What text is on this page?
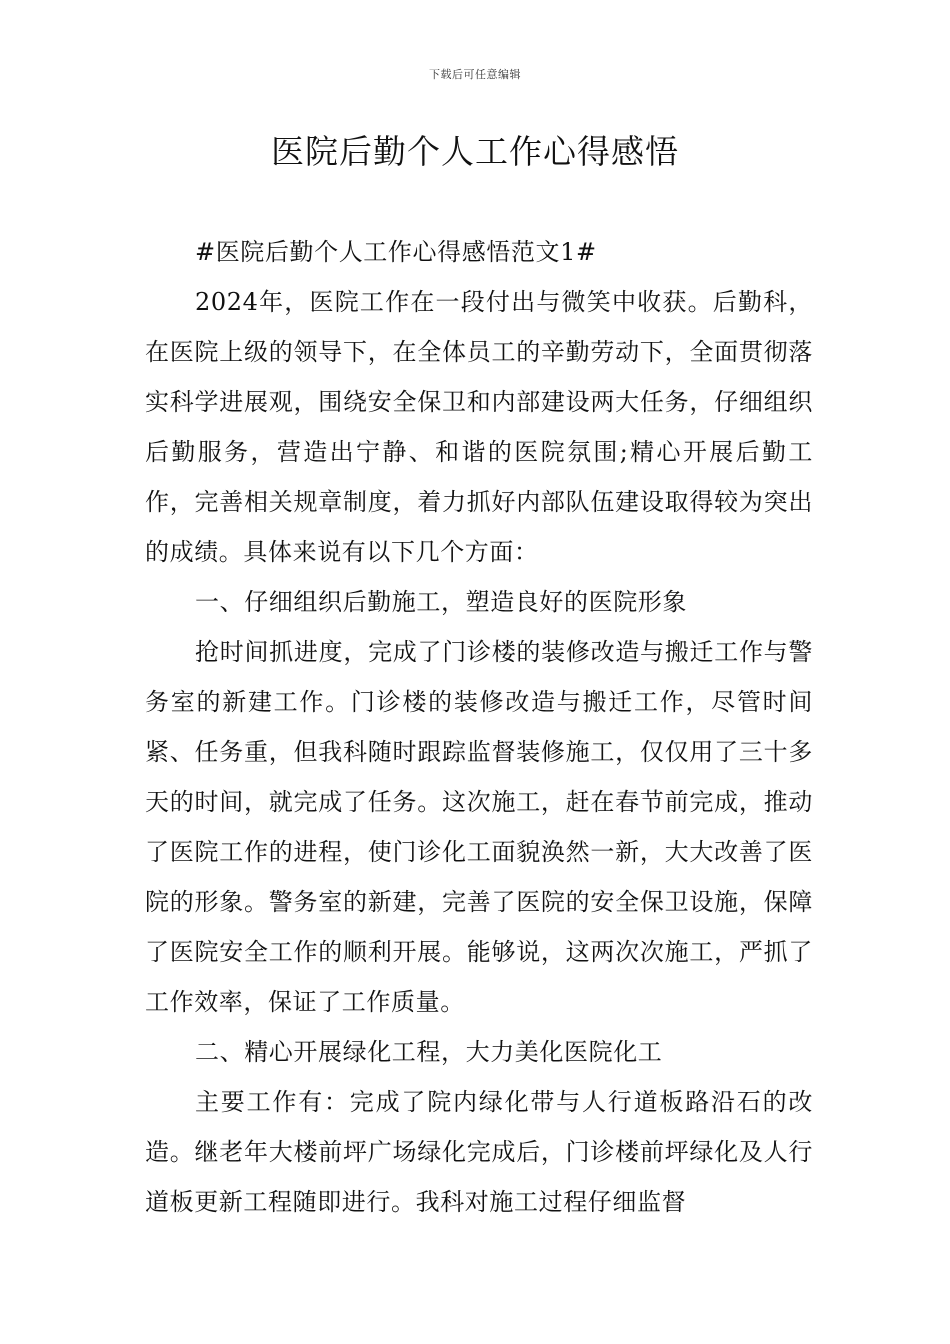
下载后可任意编辑
医院后勤个人工作心得感悟

#医院后勤个人工作心得感悟范文1#

2024年，医院工作在一段付出与微笑中收获。后勤科，在医院上级的领导下，在全体员工的辛勤劳动下，全面贯彻落实科学进展观，围绕安全保卫和内部建设两大任务，仔细组织后勤服务，营造出宁静、和谐的医院氛围;精心开展后勤工作，完善相关规章制度，着力抓好内部队伍建设取得较为突出的成绩。具体来说有以下几个方面：

一、仔细组织后勤施工，塑造良好的医院形象

抢时间抓进度，完成了门诊楼的装修改造与搬迁工作与警务室的新建工作。门诊楼的装修改造与搬迁工作，尽管时间紧、任务重，但我科随时跟踪监督装修施工，仅仅用了三十多天的时间，就完成了任务。这次施工，赶在春节前完成，推动了医院工作的进程，使门诊化工面貌涣然一新，大大改善了医院的形象。警务室的新建，完善了医院的安全保卫设施，保障了医院安全工作的顺利开展。能够说，这两次次施工，严抓了工作效率，保证了工作质量。

二、精心开展绿化工程，大力美化医院化工

主要工作有：完成了院内绿化带与人行道板路沿石的改造。继老年大楼前坪广场绿化完成后，门诊楼前坪绿化及人行道板更新工程随即进行。我科对施工过程仔细监督
